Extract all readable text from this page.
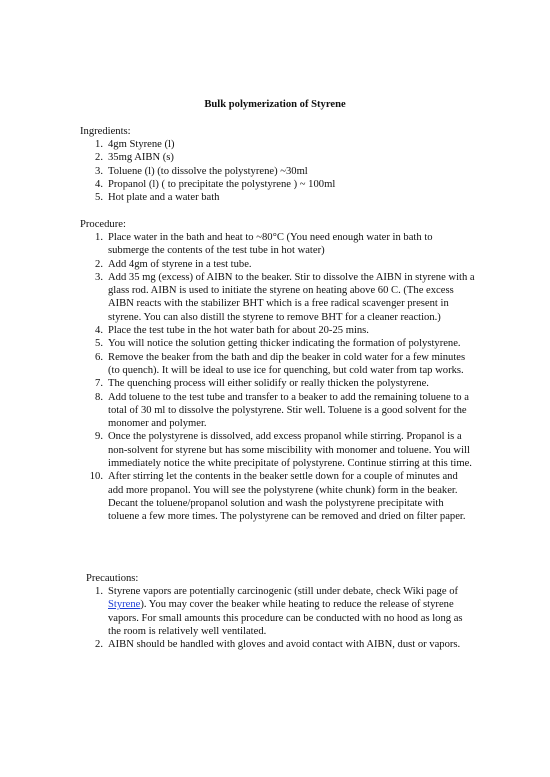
Bulk polymerization of Styrene
Ingredients:
1. 4gm Styrene (l)
2. 35mg AIBN (s)
3. Toluene (l) (to dissolve the polystyrene) ~30ml
4. Propanol (l) ( to precipitate the polystyrene ) ~ 100ml
5. Hot plate and a water bath
Procedure:
1. Place water in the bath and heat to ~80°C (You need enough water in bath to submerge the contents of the test tube in hot water)
2. Add 4gm of styrene in a test tube.
3. Add 35 mg (excess) of AIBN to the beaker. Stir to dissolve the AIBN in styrene with a glass rod. AIBN is used to initiate the styrene on heating above 60 C. (The excess AIBN reacts with the stabilizer BHT which is a free radical scavenger present in styrene. You can also distill the styrene to remove BHT for a cleaner reaction.)
4. Place the test tube in the hot water bath for about 20-25 mins.
5. You will notice the solution getting thicker indicating the formation of polystyrene.
6. Remove the beaker from the bath and dip the beaker in cold water for a few minutes (to quench). It will be ideal to use ice for quenching, but cold water from tap works.
7. The quenching process will either solidify or really thicken the polystyrene.
8. Add toluene to the test tube and transfer to a beaker to add the remaining toluene to a total of 30 ml to dissolve the polystyrene. Stir well. Toluene is a good solvent for the monomer and polymer.
9. Once the polystyrene is dissolved, add excess propanol while stirring. Propanol is a non-solvent for styrene but has some miscibility with monomer and toluene. You will immediately notice the white precipitate of polystyrene. Continue stirring at this time.
10. After stirring let the contents in the beaker settle down for a couple of minutes and add more propanol. You will see the polystyrene (white chunk) form in the beaker. Decant the toluene/propanol solution and wash the polystyrene precipitate with toluene a few more times. The polystyrene can be removed and dried on filter paper.
Precautions:
1. Styrene vapors are potentially carcinogenic (still under debate, check Wiki page of Styrene). You may cover the beaker while heating to reduce the release of styrene vapors. For small amounts this procedure can be conducted with no hood as long as the room is relatively well ventilated.
2. AIBN should be handled with gloves and avoid contact with AIBN, dust or vapors.
